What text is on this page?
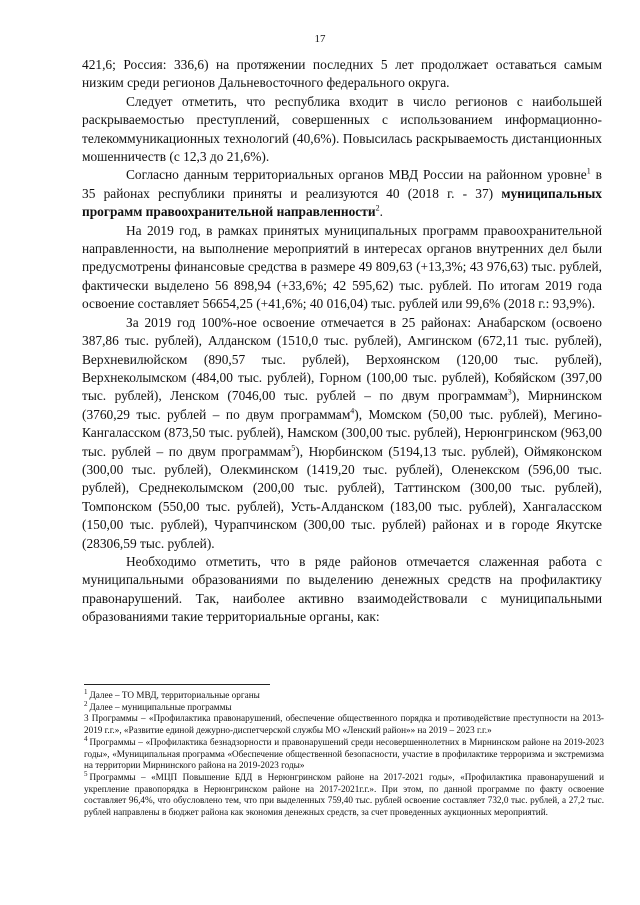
17

421,6; Россия: 336,6) на протяжении последних 5 лет продолжает оставаться самым низким среди регионов Дальневосточного федерального округа.

Следует отметить, что республика входит в число регионов с наибольшей раскрываемостью преступлений, совершенных с использованием информационно-телекоммуникационных технологий (40,6%). Повысилась раскрываемость дистанционных мошенничеств (с 12,3 до 21,6%).

Согласно данным территориальных органов МВД России на районном уровне$^1$ в 35 районах республики приняты и реализуются 40 (2018 г. - 37) муниципальных программ правоохранительной направленности$^2$.

На 2019 год, в рамках принятых муниципальных программ правоохранительной направленности, на выполнение мероприятий в интересах органов внутренних дел были предусмотрены финансовые средства в размере 49 809,63 (+13,3%; 43 976,63) тыс. рублей, фактически выделено 56 898,94 (+33,6%; 42 595,62) тыс. рублей. По итогам 2019 года освоение составляет 56654,25 (+41,6%; 40 016,04) тыс. рублей или 99,6% (2018 г.: 93,9%).

За 2019 год 100%-ное освоение отмечается в 25 районах: Анабарском (освоено 387,86 тыс. рублей), Алданском (1510,0 тыс. рублей), Амгинском (672,11 тыс. рублей), Верхневилюйском (890,57 тыс. рублей), Верхоянском (120,00 тыс. рублей), Верхнеколымском (484,00 тыс. рублей), Горном (100,00 тыс. рублей), Кобяйском (397,00 тыс. рублей), Ленском (7046,00 тыс. рублей – по двум программам$^3$), Мирнинском (3760,29 тыс. рублей – по двум программам$^4$), Момском (50,00 тыс. рублей), Мегино-Кангаласском (873,50 тыс. рублей), Намском (300,00 тыс. рублей), Нерюнгринском (963,00 тыс. рублей – по двум программам$^5$), Нюрбинском (5194,13 тыс. рублей), Оймяконском (300,00 тыс. рублей), Олекминском (1419,20 тыс. рублей), Оленекском (596,00 тыс. рублей), Среднеколымском (200,00 тыс. рублей), Таттинском (300,00 тыс. рублей), Томпонском (550,00 тыс. рублей), Усть-Алданском (183,00 тыс. рублей), Хангаласском (150,00 тыс. рублей), Чурапчинском (300,00 тыс. рублей) районах и в городе Якутске (28306,59 тыс. рублей).

Необходимо отметить, что в ряде районов отмечается слаженная работа с муниципальными образованиями по выделению денежных средств на профилактику правонарушений. Так, наиболее активно взаимодействовали с муниципальными образованиями такие территориальные органы, как:

$^1$ Далее – ТО МВД, территориальные органы

$^2$ Далее – муниципальные программы

3 Программы – «Профилактика правонарушений, обеспечение общественного порядка и противодействие преступности на 2013-2019 г.г.», «Развитие единой дежурно-диспетчерской службы МО «Ленский район»» на 2019 – 2023 г.г.»

$^4$ Программы – «Профилактика безнадзорности и правонарушений среди несовершеннолетних в Мирнинском районе на 2019-2023 годы», «Муниципальная программа «Обеспечение общественной безопасности, участие в профилактике терроризма и экстремизма на территории Мирнинского района на 2019-2023 годы»

$^5$ Программы – «МЦП Повышение БДД в Нерюнгринском районе на 2017-2021 годы», «Профилактика правонарушений и укрепление правопорядка в Нерюнгринском районе на 2017-2021г.г.». При этом, по данной программе по факту освоение составляет 96,4%, что обусловлено тем, что при выделенных 759,40 тыс. рублей освоение составляет 732,0 тыс. рублей, а 27,2 тыс. рублей направлены в бюджет района как экономия денежных средств, за счет проведенных аукционных мероприятий.
